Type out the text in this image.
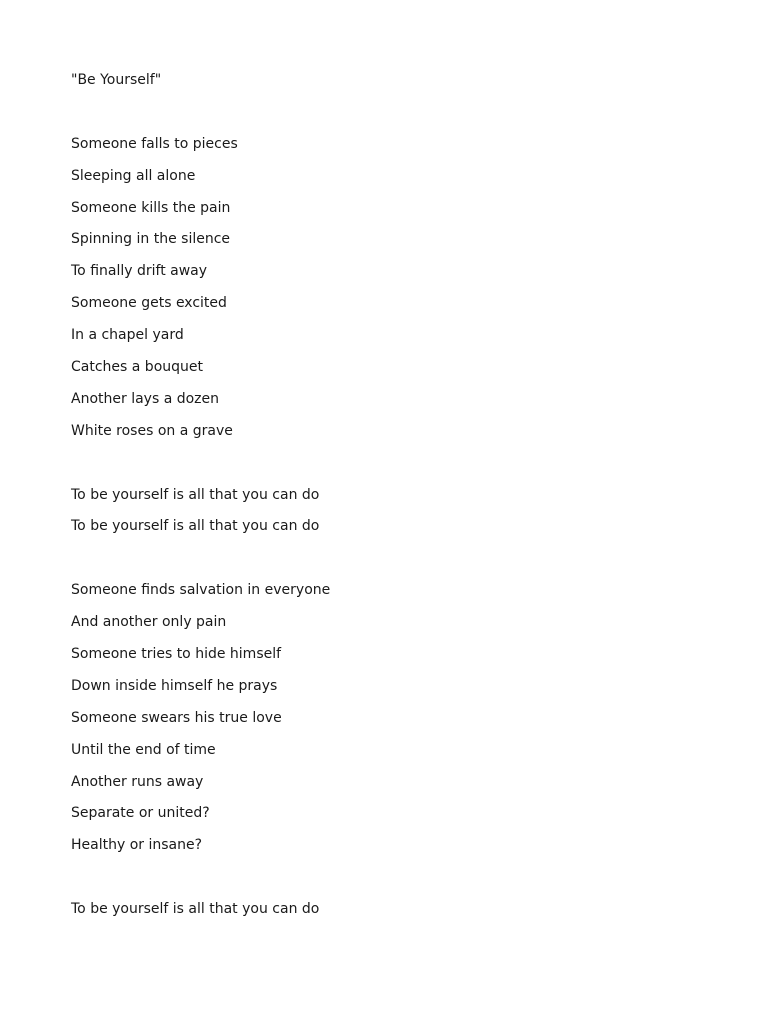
"Be Yourself"
Someone falls to pieces
Sleeping all alone
Someone kills the pain
Spinning in the silence
To finally drift away
Someone gets excited
In a chapel yard
Catches a bouquet
Another lays a dozen
White roses on a grave
To be yourself is all that you can do
To be yourself is all that you can do
Someone finds salvation in everyone
And another only pain
Someone tries to hide himself
Down inside himself he prays
Someone swears his true love
Until the end of time
Another runs away
Separate or united?
Healthy or insane?
To be yourself is all that you can do
